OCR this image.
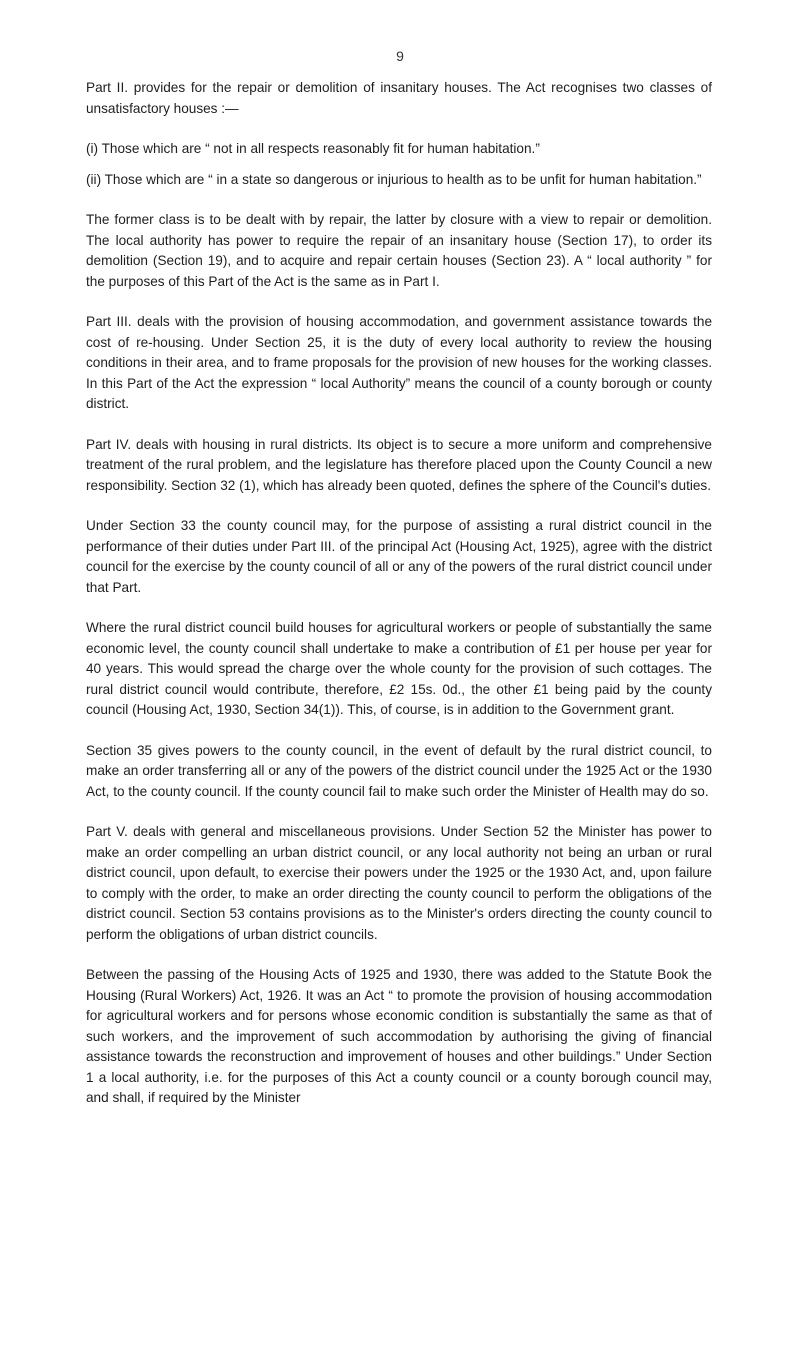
9

Part II. provides for the repair or demolition of insanitary houses. The Act recognises two classes of unsatisfactory houses :—

(i) Those which are “ not in all respects reasonably fit for human habitation.”

(ii) Those which are “ in a state so dangerous or injurious to health as to be unfit for human habitation.”

The former class is to be dealt with by repair, the latter by closure with a view to repair or demolition. The local authority has power to require the repair of an insanitary house (Section 17), to order its demolition (Section 19), and to acquire and repair certain houses (Section 23). A “ local authority ” for the purposes of this Part of the Act is the same as in Part I.

Part III. deals with the provision of housing accommodation, and government assistance towards the cost of re-housing. Under Section 25, it is the duty of every local authority to review the housing conditions in their area, and to frame proposals for the provision of new houses for the working classes. In this Part of the Act the expression “ local Authority” means the council of a county borough or county district.

Part IV. deals with housing in rural districts. Its object is to secure a more uniform and comprehensive treatment of the rural problem, and the legislature has therefore placed upon the County Council a new responsibility. Section 32 (1), which has already been quoted, defines the sphere of the Council's duties.

Under Section 33 the county council may, for the purpose of assisting a rural district council in the performance of their duties under Part III. of the principal Act (Housing Act, 1925), agree with the district council for the exercise by the county council of all or any of the powers of the rural district council under that Part.

Where the rural district council build houses for agricultural workers or people of substantially the same economic level, the county council shall undertake to make a contribution of £1 per house per year for 40 years. This would spread the charge over the whole county for the provision of such cottages. The rural district council would contribute, therefore, £2 15s. 0d., the other £1 being paid by the county council (Housing Act, 1930, Section 34(1)). This, of course, is in addition to the Government grant.

Section 35 gives powers to the county council, in the event of default by the rural district council, to make an order transferring all or any of the powers of the district council under the 1925 Act or the 1930 Act, to the county council. If the county council fail to make such order the Minister of Health may do so.

Part V. deals with general and miscellaneous provisions. Under Section 52 the Minister has power to make an order compelling an urban district council, or any local authority not being an urban or rural district council, upon default, to exercise their powers under the 1925 or the 1930 Act, and, upon failure to comply with the order, to make an order directing the county council to perform the obligations of the district council. Section 53 contains provisions as to the Minister's orders directing the county council to perform the obligations of urban district councils.

Between the passing of the Housing Acts of 1925 and 1930, there was added to the Statute Book the Housing (Rural Workers) Act, 1926. It was an Act “ to promote the provision of housing accommodation for agricultural workers and for persons whose economic condition is substantially the same as that of such workers, and the improvement of such accommodation by authorising the giving of financial assistance towards the reconstruction and improvement of houses and other buildings.” Under Section 1 a local authority, i.e. for the purposes of this Act a county council or a county borough council may, and shall, if required by the Minister
